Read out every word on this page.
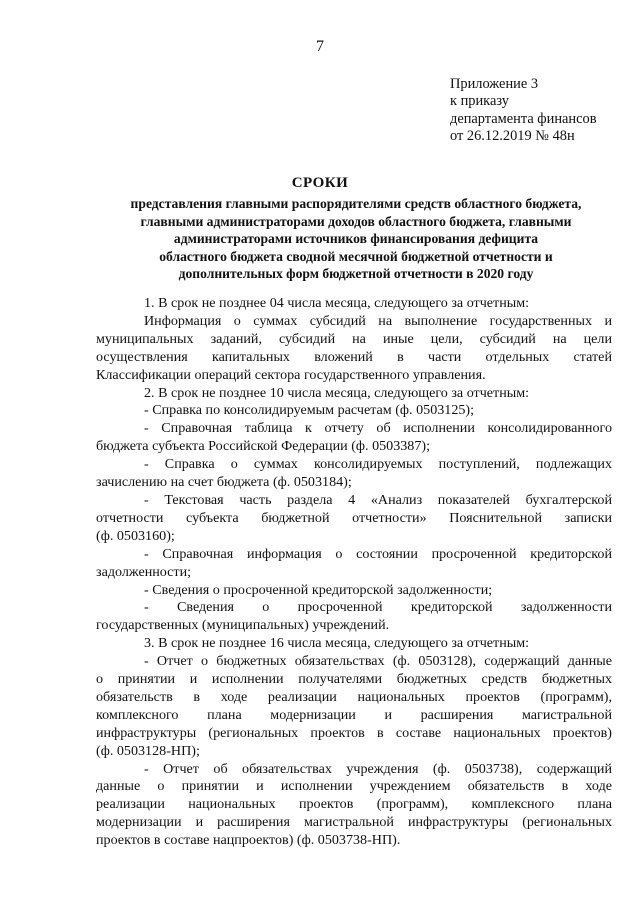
7
Приложение 3
к приказу
департамента финансов
от 26.12.2019 № 48н
СРОКИ
представления главными распорядителями средств областного бюджета,
главными администраторами доходов областного бюджета, главными
администраторами источников финансирования дефицита
областного бюджета сводной месячной бюджетной отчетности и
дополнительных форм бюджетной отчетности в 2020 году
1. В срок не позднее 04 числа месяца, следующего за отчетным:
Информация о суммах субсидий на выполнение государственных и
муниципальных заданий, субсидий на иные цели, субсидий на цели
осуществления капитальных вложений в части отдельных статей
Классификации операций сектора государственного управления.
2. В срок не позднее 10 числа месяца, следующего за отчетным:
- Справка по консолидируемым расчетам (ф. 0503125);
- Справочная таблица к отчету об исполнении консолидированного
бюджета субъекта Российской Федерации (ф. 0503387);
- Справка о суммах консолидируемых поступлений, подлежащих
зачислению на счет бюджета (ф. 0503184);
- Текстовая часть раздела 4 «Анализ показателей бухгалтерской
отчетности субъекта бюджетной отчетности» Пояснительной записки
(ф. 0503160);
- Справочная информация о состоянии просроченной кредиторской
задолженности;
- Сведения о просроченной кредиторской задолженности;
- Сведения о просроченной кредиторской задолженности
государственных (муниципальных) учреждений.
3. В срок не позднее 16 числа месяца, следующего за отчетным:
- Отчет о бюджетных обязательствах (ф. 0503128), содержащий данные
о принятии и исполнении получателями бюджетных средств бюджетных
обязательств в ходе реализации национальных проектов (программ),
комплексного плана модернизации и расширения магистральной
инфраструктуры (региональных проектов в составе национальных проектов)
(ф. 0503128-НП);
- Отчет об обязательствах учреждения (ф. 0503738), содержащий
данные о принятии и исполнении учреждением обязательств в ходе
реализации национальных проектов (программ), комплексного плана
модернизации и расширения магистральной инфраструктуры (региональных
проектов в составе нацпроектов) (ф. 0503738-НП).
